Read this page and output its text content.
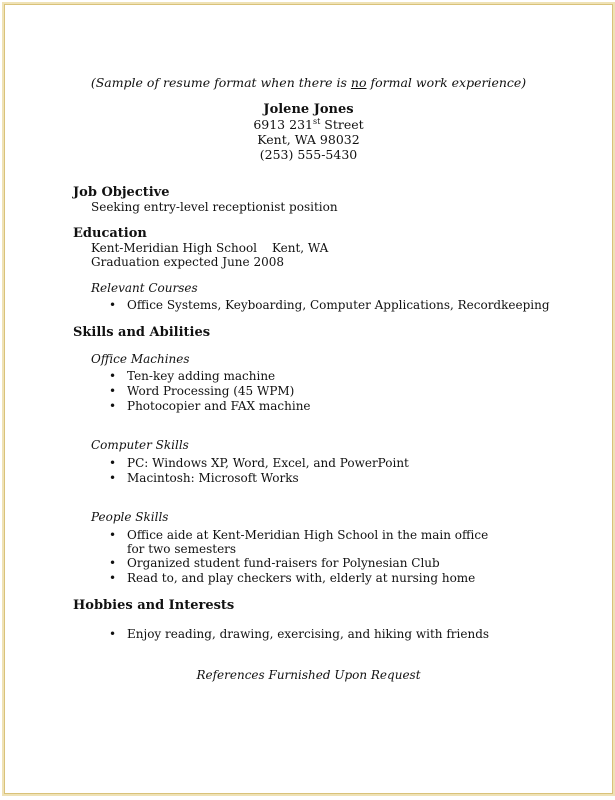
(Sample of resume format when there is no formal work experience)
Jolene Jones
6913 231st Street
Kent, WA 98032
(253) 555-5430
Job Objective
Seeking entry-level receptionist position
Education
Kent-Meridian High School Kent, WA
Graduation expected June 2008
Relevant Courses
• Office Systems, Keyboarding, Computer Applications, Recordkeeping
Skills and Abilities
Office Machines
• Ten-key adding machine
• Word Processing (45 WPM)
• Photocopier and FAX machine
Computer Skills
• PC: Windows XP, Word, Excel, and PowerPoint
• Macintosh: Microsoft Works
People Skills
• Office aide at Kent-Meridian High School in the main office for two semesters
• Organized student fund-raisers for Polynesian Club
• Read to, and play checkers with, elderly at nursing home
Hobbies and Interests
• Enjoy reading, drawing, exercising, and hiking with friends
References Furnished Upon Request
